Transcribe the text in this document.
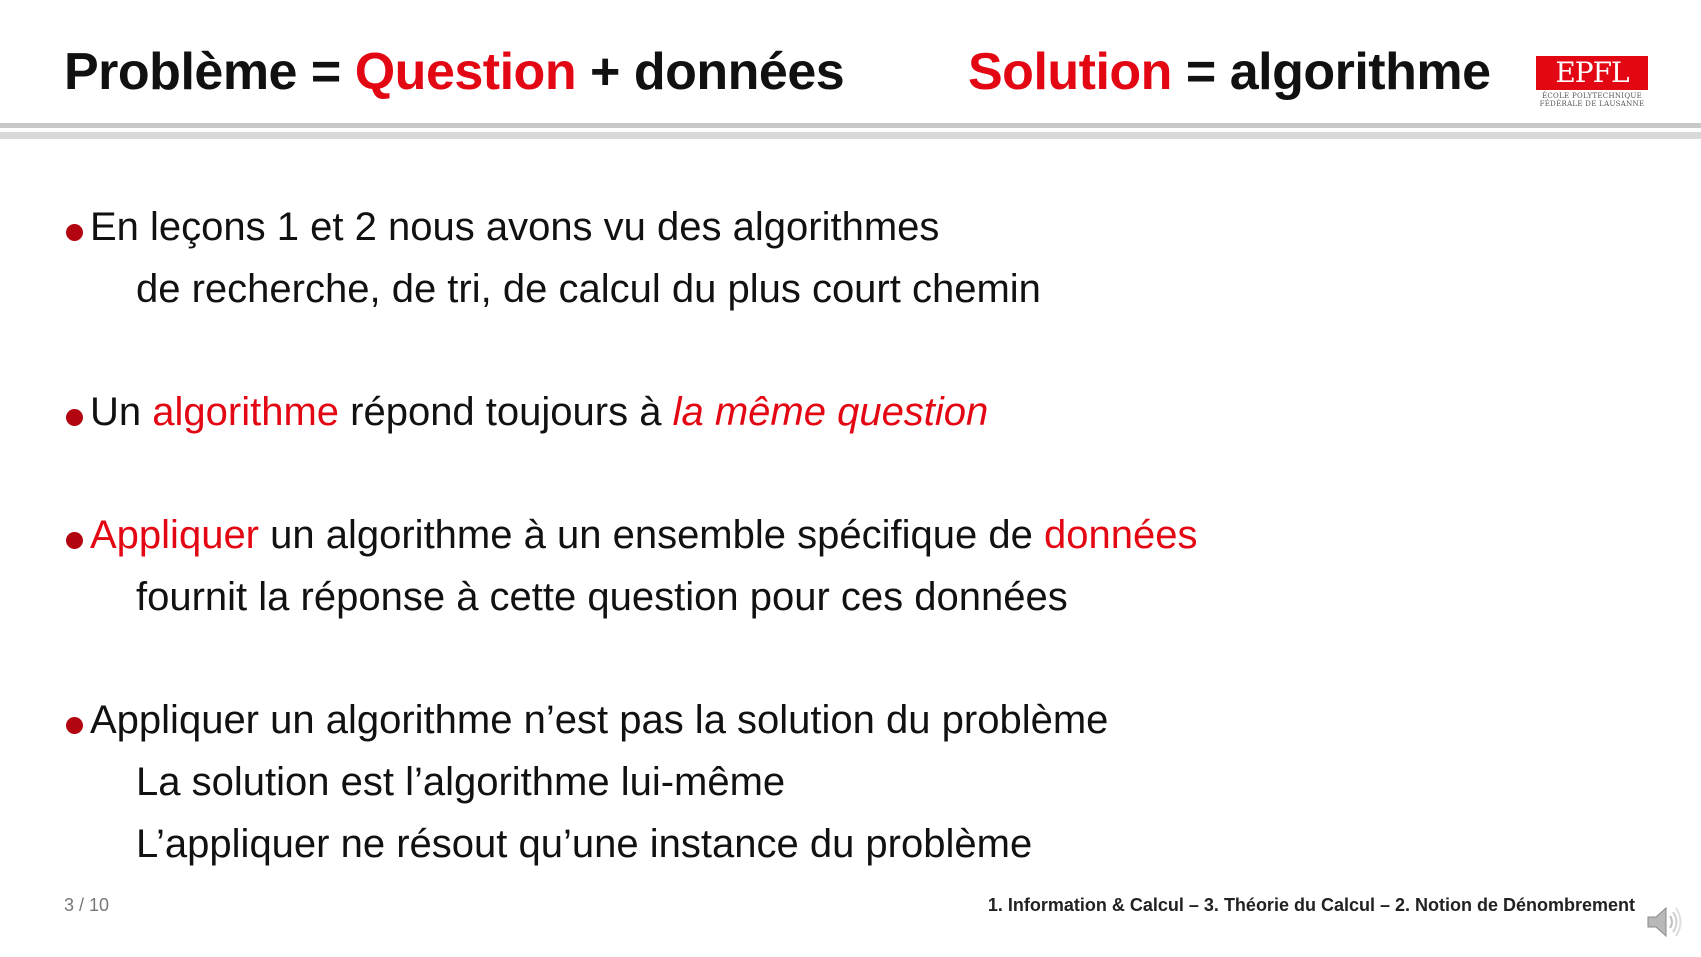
Problème = Question + données Solution = algorithme	EPFL
ÉCOLE POLYTECHNIQUE
FÉDÉRALE DE LAUSANNE
En leçons 1 et 2 nous avons vu des algorithmes
de recherche, de tri, de calcul du plus court chemin
Un algorithme répond toujours à la même question
Appliquer un algorithme à un ensemble spécifique de données
fournit la réponse à cette question pour ces données
Appliquer un algorithme n’est pas la solution du problème
La solution est l’algorithme lui-même
L’appliquer ne résout qu’une instance du problème
3 / 10	1. Information & Calcul – 3. Théorie du Calcul – 2. Notion de Dénombrement
